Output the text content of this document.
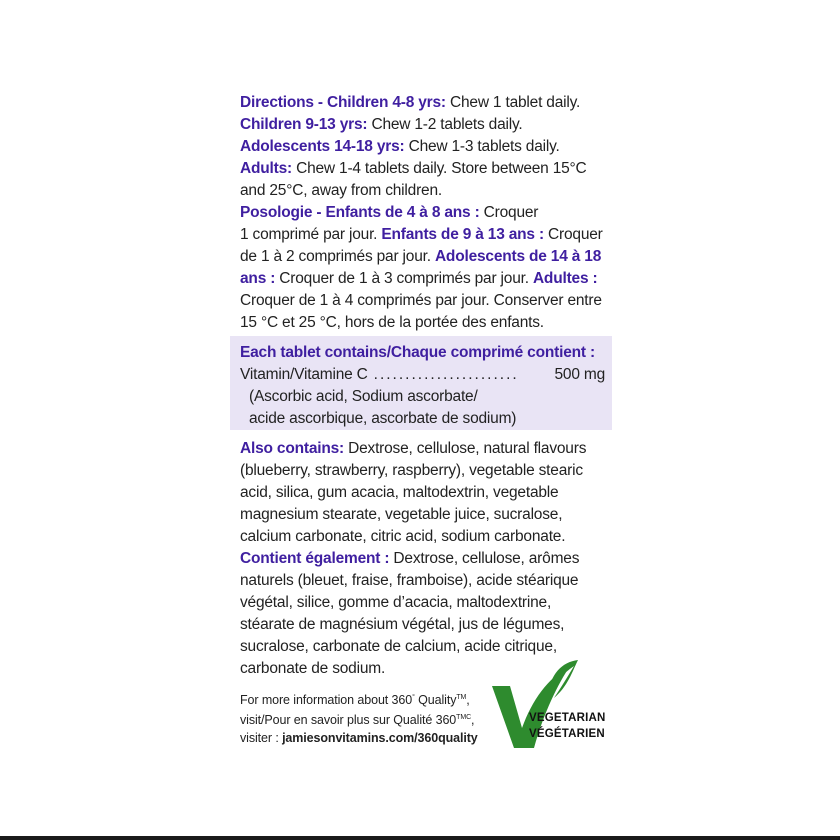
Directions - Children 4-8 yrs: Chew 1 tablet daily.

Children 9-13 yrs: Chew 1-2 tablets daily.

Adolescents 14-18 yrs: Chew 1-3 tablets daily.

Adults: Chew 1-4 tablets daily. Store between 15°C

and 25°C, away from children.

Posologie - Enfants de 4 à 8 ans : Croquer

1 comprimé par jour. Enfants de 9 à 13 ans : Croquer

de 1 à 2 comprimés par jour. Adolescents de 14 à 18

ans : Croquer de 1 à 3 comprimés par jour. Adultes :

Croquer de 1 à 4 comprimés par jour. Conserver entre

15 °C et 25 °C, hors de la portée des enfants.

Each tablet contains/Chaque comprimé contient :

Vitamin/Vitamine C .......................	500 mg

(Ascorbic acid, Sodium ascorbate/

acide ascorbique, ascorbate de sodium)

Also contains: Dextrose, cellulose, natural flavours

(blueberry, strawberry, raspberry), vegetable stearic

acid, silica, gum acacia, maltodextrin, vegetable

magnesium stearate, vegetable juice, sucralose,

calcium carbonate, citric acid, sodium carbonate.

Contient également : Dextrose, cellulose, arômes

naturels (bleuet, fraise, framboise), acide stéarique

végétal, silice, gomme d’acacia, maltodextrine,

stéarate de magnésium végétal, jus de légumes,

sucralose, carbonate de calcium, acide citrique,

carbonate de sodium.

For more information about 360° Quality™,

visit/Pour en savoir plus sur Qualité $360^{TMC}$,

visiter : jamiesonvitamins.com/360quality

VEGETARIAN
VÉGÉTARIEN
